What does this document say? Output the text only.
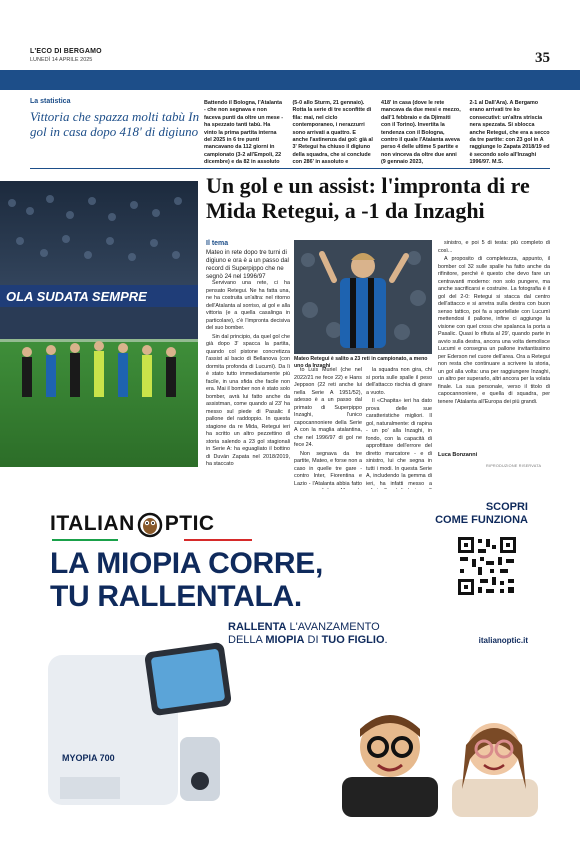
L'ECO DI BERGAMO
LUNEDÌ 14 APRILE 2025	35
La statistica
Vittoria che spazza molti tabù In gol in casa dopo 418' di digiuno
Battendo il Bologna, l'Atalanta - che non segnava e non faceva punti da oltre un mese - ha spezzato tanti tabù. Ha vinto la prima partita interna del 2025 in 6 tre punti mancavano da 112 giorni in campionato (3-2 all'Empoli, 22 dicembre) e da 82 in assoluto
(5-0 allo Sturm, 21 gennaio). Rotta la serie di tre sconfitte di fila: mai, nel ciclo contemporaneo, i nerazzurri sono arrivati a quattro. E anche l'astinenza dai gol: già al 3' Retegui ha chiuso il digiuno della squadra, che si conclude con 286' in assoluto e
418' in casa (dove le rete mancava da due mesi e mezzo, dall'1 febbraio e da Djimsiti con il Torino). Invertita la tendenza con il Bologna, contro il quale l'Atalanta aveva perso 4 delle ultime 5 partite e non vinceva da oltre due anni (9 gennaio 2023,
2-1 al Dall'Ara). A Bergamo erano arrivati tre ko consecutivi: un'altra striscia nera spezzata. Si sblocca anche Retegui, che era a secco da tre partite: con 23 gol in A raggiunge lo Zapata 2018/19 ed è secondo solo all'Inzaghi 1996/97. M.S.
OLA SUDATA SEMPRE
Un gol e un assist: l'impronta di re Mida Retegui, a -1 da Inzaghi
Il tema
Mateo in rete dopo tre turni di digiuno e ora è a un passo dal record di Superpippo che ne segnò 24 nel 1996/97
Mateo Retegui è salito a 23 reti in campionato, a meno uno da Inzaghi

Servivano una rete, ci ha pensato Retegui. Ne ha fatta una, ne ha costruita un'altra: nel ritorno dell'Atalanta al sorriso, al gol e alla vittoria (e a quella casalinga in particolare), c'è l'impronta decisiva del suo bomber.

Sin dal principio, da quel gol che già dopo 3' spacca la partita, quando col pistone concretizza l'assist al bacio di Bellanova (con dormita profonda di Lucumì). Da lì è stato tutto immediatamente più facile, in una sfida che facile non era. Mai il bomber non è stato solo bomber, avrà lui fatto anche da assistman, come quando al 23' ha messo sul piede di Pasalic il pallone del raddoppio. In questa stagione da re Mida, Retegui ieri ha scritto un altro pezzettino di storia salendo a 23 gol stagionali in Serie A: ha eguagliato il bottino di Duván Zapata nel 2018/2019, ha staccato

to Luis Muriel (che nel 2022/21 ne fece 22) e Hans Jeppson (22 reti anche lui nella Serie A 1951/52), adesso è a un passo dal primato di Superpippo Inzaghi, l'unico capocannoniere della Serie A con la maglia atalantina, che nel 1996/97 di gol ne fece 24.

Non segnava da tre partite, Mateo, e forse non a caso in quelle tre gare - contro Inter, Fiorentina e Lazio - l'Atalanta abbia fatto

la squadra non gira, chi si porta sulle spalle il peso dell'attacco rischia di girare a vuoto.

Il «Chapita» ieri ha dato prova delle sue caratteristiche migliori. Il gol, naturalmente: di rapina - un po' alla Inzaghi, in fondo, con la capacità di approfittare dell'errore del diretto marcatore - e di sinistro, lui che segna in tutti i modi. In questa Serie A, includendo la gemma di ieri, ha infatti messo a

sinistro, e poi 5 di testa: più completo di così...

A proposito di completezza, appunto, il bomber col 32 sulle spalle ha fatto anche da rifinitore, perché è questo che devo fare un centravanti moderno: non solo pungere, ma anche sacrificarsi e costruire. La fotografia è il gol del 2-0: Retegui si stacca dal centro dell'attacco e si arretra sulla destra con buon senso tattico, poi fa a sportellate con Lucumì mettendosi il pallone, infine ci aggiunge la visione con quel cross che spalanca la porta a Pasalic. Quasi lo rifiuta al 29', quando parte in avvio sulla destra, ancora una volta demolisce Lucumì e consegna un pallone invitantissimo per Ederson nel cuore dell'area. Ora a Retegui non resta che continuare a scrivere la storia, un gol alla volta: una per raggiungere Inzaghi, un altro per superarlo, altri ancora per la volata finale. La sua personale, verso il titolo di capocannoniere, e quella di squadra, per tenere l'Atalanta all'Europa dei più grandi.

Luca Bonzanni
RIPRODUZIONE RISERVATA
ITALIAN PTIC
LA MIOPIA CORRE,
TU RALLENTALA.
SCOPRI
COME FUNZIONA
RALLENTA L'AVANZAMENTO
DELLA MIOPIA DI TUO FIGLIO.	italianoptic.it
MYOPIA 700
